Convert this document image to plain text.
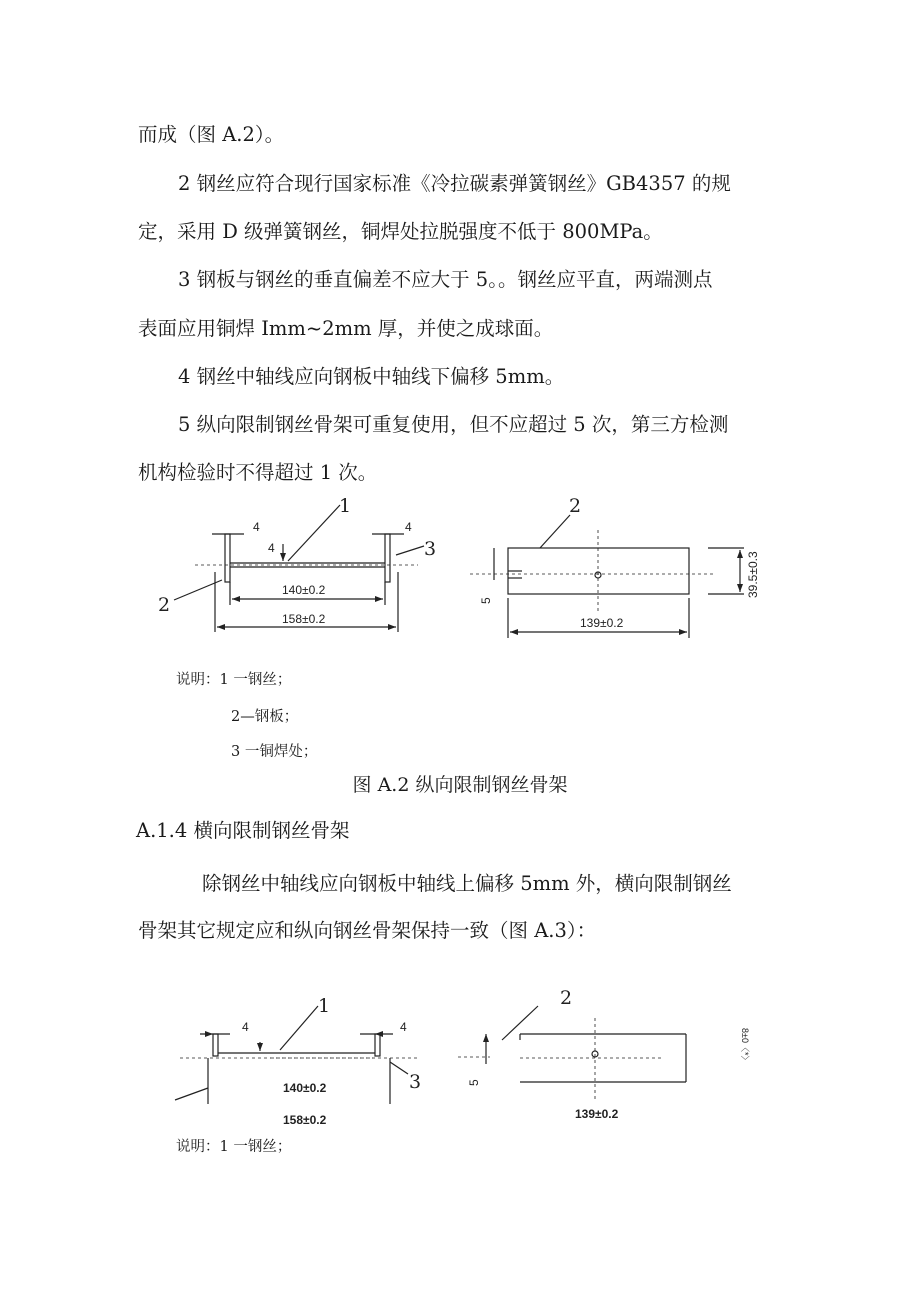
而成（图 A.2）。
2 钢丝应符合现行国家标准《冷拉碳素弹簧钢丝》GB4357 的规
定，采用 D 级弹簧钢丝，铜焊处拉脱强度不低于 800MPa。
3 钢板与钢丝的垂直偏差不应大于 5。。钢丝应平直，两端测点
表面应用铜焊 Imm~2mm 厚，并使之成球面。
4 钢丝中轴线应向钢板中轴线下偏移 5mm。
5 纵向限制钢丝骨架可重复使用，但不应超过 5 次，第三方检测
机构检验时不得超过 1 次。
4	4
4
140±0.2
158±0.2
1
2
3
2
5
139±0.2
39.5±0.3
说明：1 一钢丝；
2—钢板；
3 一铜焊处；
图 A.2 纵向限制钢丝骨架
A.1.4 横向限制钢丝骨架
除钢丝中轴线应向钢板中轴线上偏移 5mm 外，横向限制钢丝
骨架其它规定应和纵向钢丝骨架保持一致（图 A.3）：
4	4
140±0.2
158±0.2
1
3
2
5
139±0.2
8±0〈*〉
说明：1 一钢丝；
